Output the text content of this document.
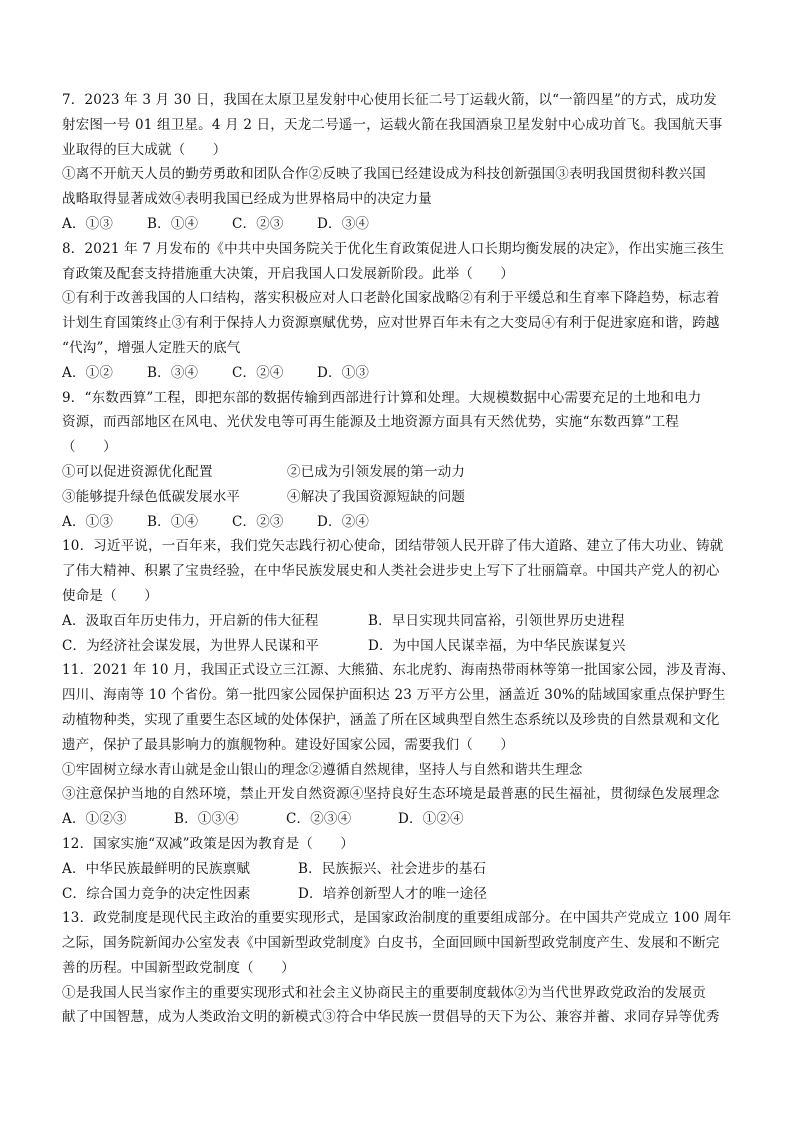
7．2023 年 3 月 30 日，我国在太原卫星发射中心使用长征二号丁运载火箭，以“一箭四星”的方式，成功发
射宏图一号 01 组卫星。4 月 2 日，天龙二号遥一，运载火箭在我国酒泉卫星发射中心成功首飞。我国航天事
业取得的巨大成就（　　）
①离不开航天人员的勤劳勇敢和团队合作②反映了我国已经建设成为科技创新强国③表明我国贯彻科教兴国
战略取得显著成效④表明我国已经成为世界格局中的决定力量
A．①③	B．①④	C．②③	D．③④
8．2021 年 7 月发布的《中共中央国务院关于优化生育政策促进人口长期均衡发展的决定》，作出实施三孩生
育政策及配套支持措施重大决策，开启我国人口发展新阶段。此举（　　）
①有利于改善我国的人口结构，落实积极应对人口老龄化国家战略②有利于平缓总和生育率下降趋势，标志着
计划生育国策终止③有利于保持人力资源禀赋优势，应对世界百年未有之大变局④有利于促进家庭和谐，跨越
“代沟”，增强人定胜天的底气
A．①②	B．③④	C．②④	D．①③
9．“东数西算”工程，即把东部的数据传输到西部进行计算和处理。大规模数据中心需要充足的土地和电力
资源，而西部地区在风电、光伏发电等可再生能源及土地资源方面具有天然优势，实施“东数西算”工程
（　　）
①可以促进资源优化配置	②已成为引领发展的第一动力
③能够提升绿色低碳发展水平	④解决了我国资源短缺的问题
A．①③	B．①④	C．②③	D．②④
10．习近平说，一百年来，我们党矢志践行初心使命，团结带领人民开辟了伟大道路、建立了伟大功业、铸就
了伟大精神、积累了宝贵经验，在中华民族发展史和人类社会进步史上写下了壮丽篇章。中国共产党人的初心
使命是（　　）
A．汲取百年历史伟力，开启新的伟大征程	B．早日实现共同富裕，引领世界历史进程
C．为经济社会谋发展，为世界人民谋和平	D．为中国人民谋幸福，为中华民族谋复兴
11．2021 年 10 月，我国正式设立三江源、大熊猫、东北虎豹、海南热带雨林等第一批国家公园，涉及青海、
四川、海南等 10 个省份。第一批四家公园保护面积达 23 万平方公里，涵盖近 30%的陆域国家重点保护野生
动植物种类，实现了重要生态区域的处体保护，涵盖了所在区域典型自然生态系统以及珍贵的自然景观和文化
遗产，保护了最具影响力的旗舰物种。建设好国家公园，需要我们（　　）
①牢固树立绿水青山就是金山银山的理念②遵循自然规律，坚持人与自然和谐共生理念
③注意保护当地的自然环境，禁止开发自然资源④坚持良好生态环境是最普惠的民生福祉，贯彻绿色发展理念
A．①②③	B．①③④	C．②③④	D．①②④
12．国家实施“双减”政策是因为教育是（　　）
A．中华民族最鲜明的民族禀赋	B．民族振兴、社会进步的基石
C．综合国力竞争的决定性因素	D．培养创新型人才的唯一途径
13．政党制度是现代民主政治的重要实现形式，是国家政治制度的重要组成部分。在中国共产党成立 100 周年
之际，国务院新闻办公室发表《中国新型政党制度》白皮书，全面回顾中国新型政党制度产生、发展和不断完
善的历程。中国新型政党制度（　　）
①是我国人民当家作主的重要实现形式和社会主义协商民主的重要制度载体②为当代世界政党政治的发展贡
献了中国智慧，成为人类政治文明的新模式③符合中华民族一贯倡导的天下为公、兼容并蓄、求同存异等优秀
